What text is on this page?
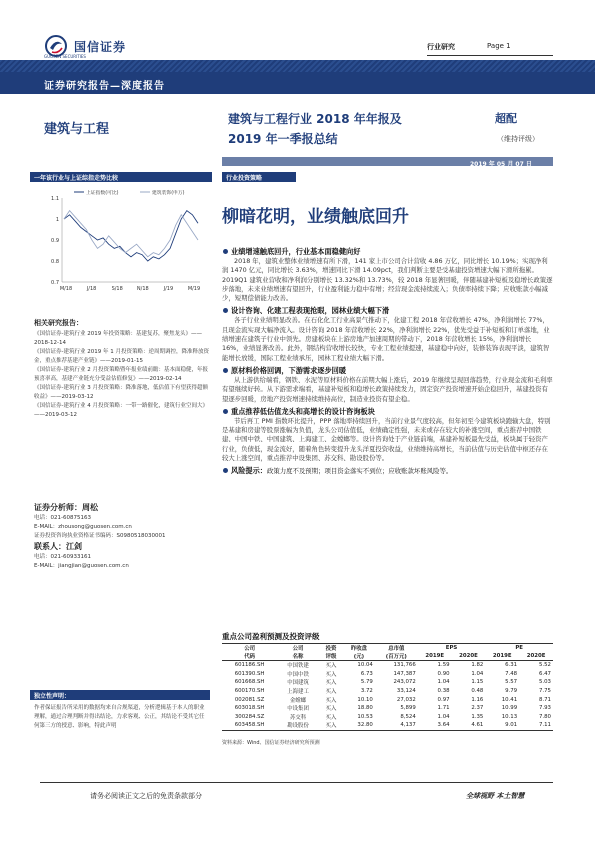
国信证券
GUOSEN SECURITIES
行业研究	Page 1
证券研究报告—深度报告
建筑与工程
建筑与工程行业 2018 年年报及
2019 年一季报总结
超配
（维持评级）
2019 年 05 月 07 日
一年该行业与上证综指走势比较
0.7
0.8
0.9
1
1.1
M/18	J/18	S/18	N/18	J/19	M/19
上证指数(可比)	建筑装饰(申万)
相关研究报告：
《国信证券-建筑行业 2019 年投资策略：基建复苏，聚焦龙头》——2018-12-14
《国信证券-建筑行业 2019 年 1 月投资策略：逆周期调控，降准释放资金，重点推荐基建产业链》——2019-01-15
《国信证券-建筑行业 2 月投资策略暨年报业绩前瞻：基本面稳健，年报预喜率高，基建产业链充分受益估值修复》——2019-02-14
《国信证券-建筑行业 3 月投资策略：降准落地，低估值下有望获得超额收益》——2019-03-12
《国信证券-建筑行业 4 月投资策略：一带一路催化，建筑行业空间大》——2019-03-12
证券分析师：周松
电话：021-60875163
E-MAIL：zhousong@guosen.com.cn
证券投资咨询执业资格证书编码：S0980518030001
联系人：江剑
电话：021-60933161
E-MAIL：jiangjian@guosen.com.cn
独立性声明：
作者保证报告所采用的数据均来自合规渠道，分析逻辑基于本人的职业理解，通过合理判断并得出结论，力求客观、公正，其结论不受其它任何第三方的授意、影响，特此声明
行业投资策略
柳暗花明，业绩触底回升
业绩增速触底回升，行业基本面稳健向好
2018 年，建筑业整体业绩增速有所下滑，141 家上市公司合计营收 4.86 万亿，同比增长 10.19%；实现净利润 1470 亿元，同比增长 3.63%，增速同比下滑 14.09pct，我们判断主要是受基建投资增速大幅下滑所拖累。2019Q1 建筑业营收和净利润分别增长 13.32%和 13.73%，较 2018 年显著回暖，伴随基建补短板及稳增长政策逐步落地，未来业绩增速有望回升，行业盈利能力稳中有增；经营现金流持续流入；负债率持续下降；应收账款小幅减少，短期偿债能力改善。
设计咨询、化建工程表现抢眼，园林业绩大幅下滑
各子行业业绩明显改善。在石化化工行业高景气推动下，化建工程 2018 年营收增长 47%，净利润增长 77%，且现金流实现大幅净流入。设计咨询 2018 年营收增长 22%，净利润增长 22%，优先受益于补短板和订单落地，业绩增速在建筑子行业中领先。房建板块在上游房地产加速周期的带动下，2018 年营收增长 15%，净利润增长 16%，业绩显著改善。此外，钢结构营收增长较快，专业工程业绩提速，基建稳中向好，装修装饰表现平淡，建筑智能增长放缓，国际工程业绩承压，园林工程业绩大幅下滑。
原材料价格回调，下游需求逐步回暖
从上游供给端看，钢铁、水泥等原材料价格在前期大幅上涨后，2019 年继续呈现回落趋势，行业现金流和毛利率有望继续好转。从下游需求端看，基建补短板和稳增长政策持续发力，固定资产投资增速开始企稳回升，基建投资有望逐步回暖，房地产投资增速持续维持高位，制造业投资有望企稳。
重点推荐低估值龙头和高增长的设计咨询板块
节后再工 PMI 指数环比提升，PPP 落地率持续回升，当前行业景气度较高，但年初至今建筑板块跑输大盘，特别是基建和房建等股票涨幅为负值，龙头公司估值低，业绩确定性强，未来或存在较大的补涨空间，重点推荐中国铁建、中国中铁、中国建筑、上海建工、金螳螂等。设计咨询处于产业链前端，基建补短板最先受益，板块属于轻资产行业，负债低，现金流好，随着角色转变提升龙头洋夏投资收益，业绩维持高增长，当前估值与历史估值中枢还存在较大上涨空间，重点推荐中设集团、苏交科、勘设股份等。
风险提示：政策力度不及预期；项目资金落实不到位；应收账款坏账风险等。
重点公司盈利预测及投资评级
公司	公司	投资	昨收盘	总市值	EPS		PE	
代码	名称	评级	(元)	(百万元)	2019E	2020E	2019E	2020E
601186.SH	中国铁建	买入	10.04	131,766	1.59	1.82	6.31	5.52
601390.SH	中国中铁	买入	6.73	147,387	0.90	1.04	7.48	6.47
601668.SH	中国建筑	买入	5.79	243,072	1.04	1.15	5.57	5.03
600170.SH	上海建工	买入	3.72	33,124	0.38	0.48	9.79	7.75
002081.SZ	金螳螂	买入	10.10	27,032	0.97	1.16	10.41	8.71
603018.SH	中设集团	买入	18.80	5,899	1.71	2.37	10.99	7.93
300284.SZ	苏交科	买入	10.53	8,524	1.04	1.35	10.13	7.80
603458.SH	勘设股份	买入	32.80	4,137	3.64	4.61	9.01	7.11
资料来源：Wind、国信证券经济研究所预测
请务必阅读正文之后的免责条款部分	全球视野 本土智慧
